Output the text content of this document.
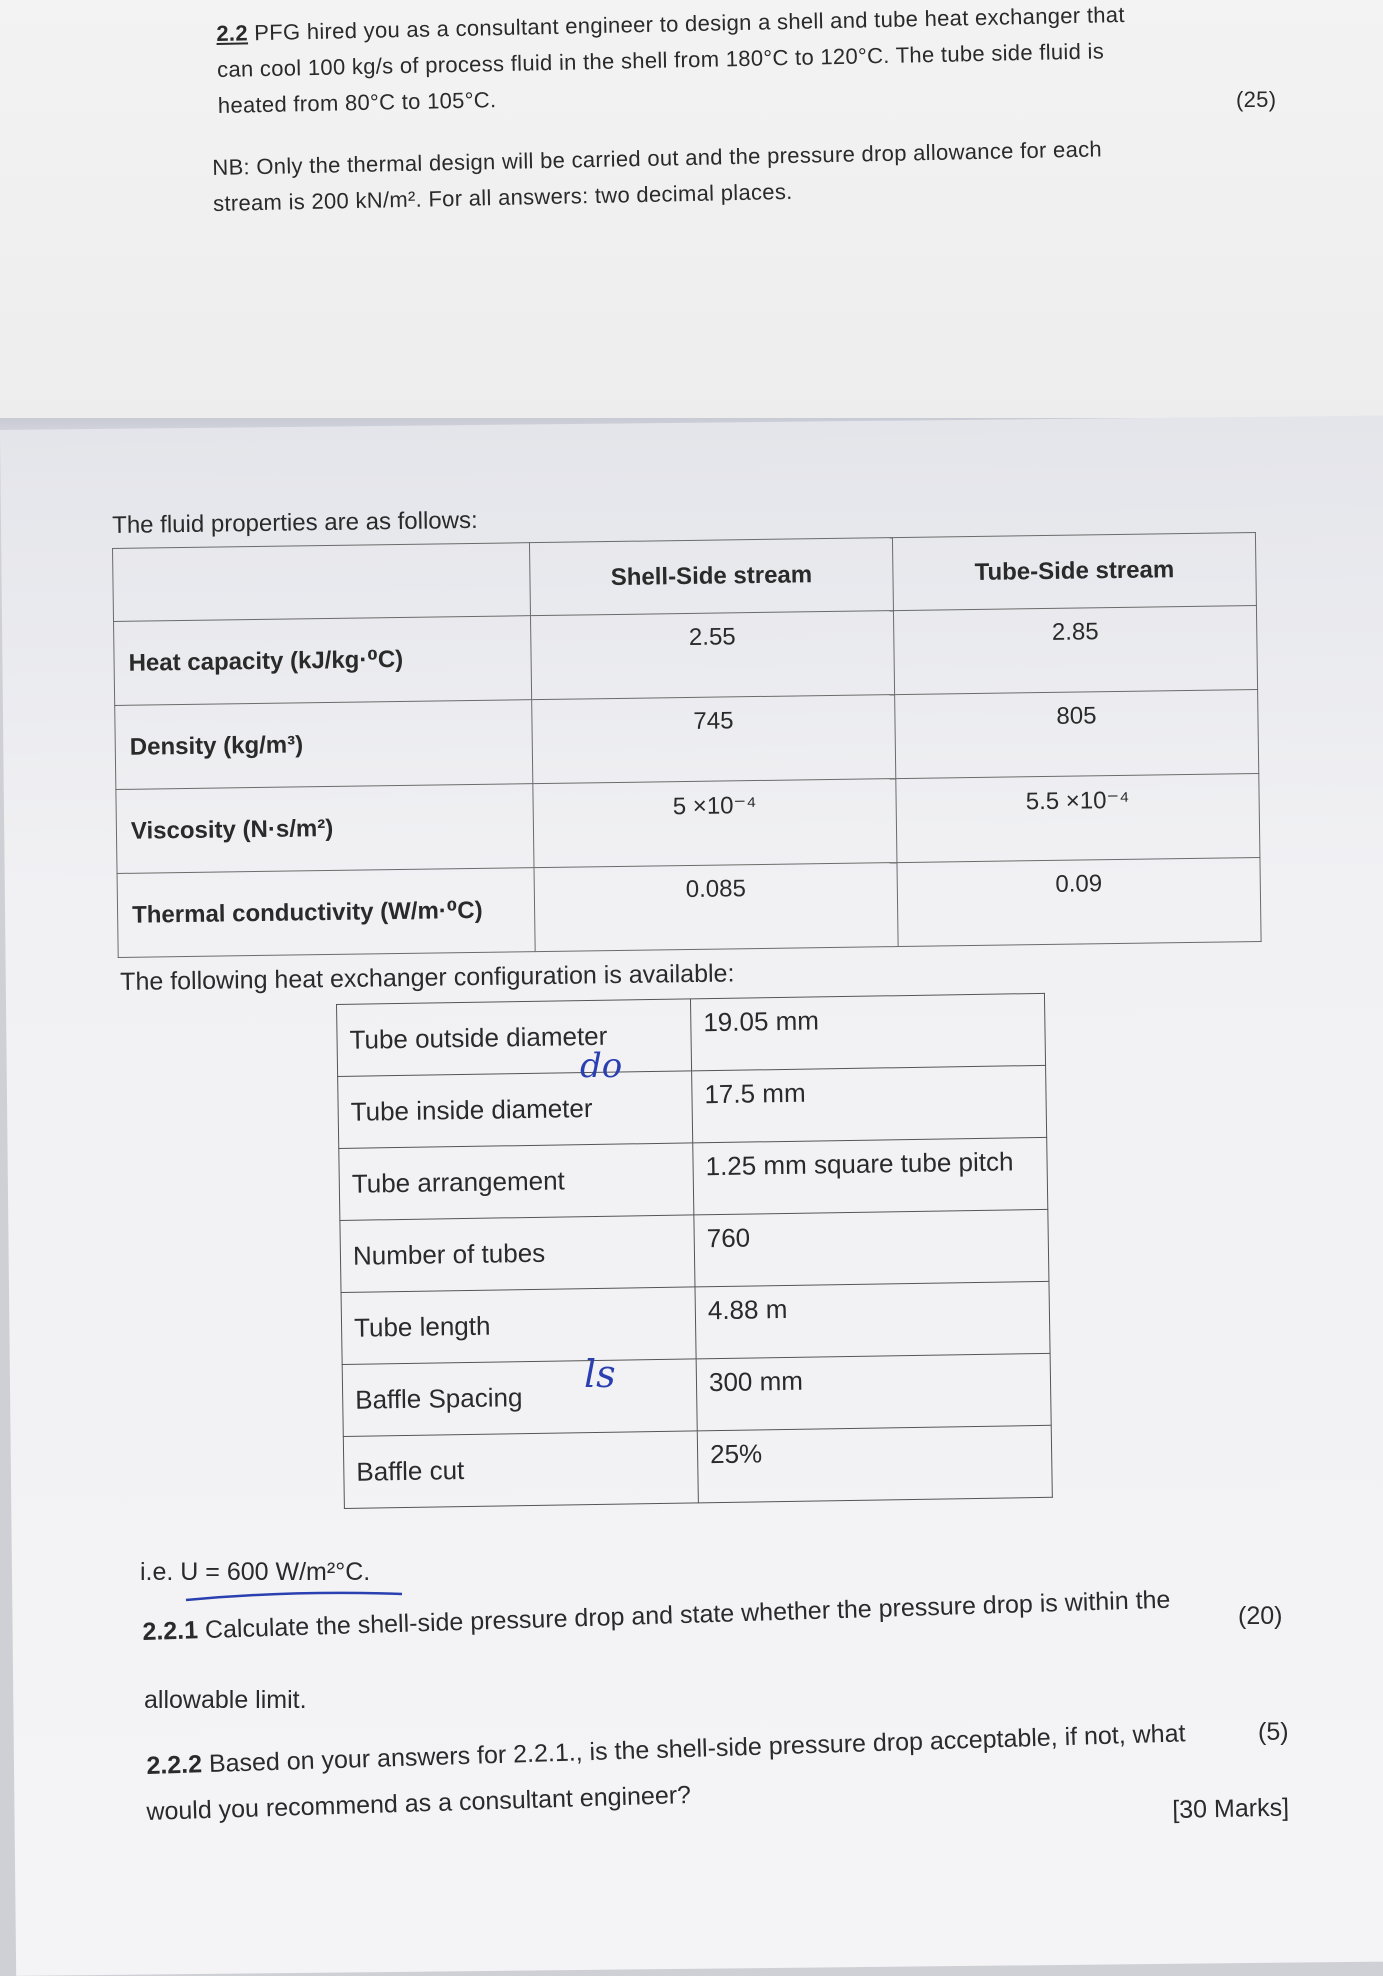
2.2 PFG hired you as a consultant engineer to design a shell and tube heat exchanger that
can cool 100 kg/s of process fluid in the shell from 180°C to 120°C. The tube side fluid is
heated from 80°C to 105°C.	(25)
NB: Only the thermal design will be carried out and the pressure drop allowance for each
stream is 200 kN/m². For all answers: two decimal places.
The fluid properties are as follows:
	Shell-Side stream	Tube-Side stream
Heat capacity (kJ/kg·⁰C)	2.55	2.85
Density (kg/m³)	745	805
Viscosity (N·s/m²)	5 ×10⁻⁴	5.5 ×10⁻⁴
Thermal conductivity (W/m·⁰C)	0.085	0.09
The following heat exchanger configuration is available:
Tube outside diameter	19.05 mm
Tube inside diameter	17.5 mm
Tube arrangement	1.25 mm square tube pitch
Number of tubes	760
Tube length	4.88 m
Baffle Spacing	300 mm
Baffle cut	25%
do
ls
i.e. U = 600 W/m²°C.
(20)
2.2.1 Calculate the shell-side pressure drop and state whether the pressure drop is within the
allowable limit.
(5)
2.2.2 Based on your answers for 2.2.1., is the shell-side pressure drop acceptable, if not, what
would you recommend as a consultant engineer?	[30 Marks]
